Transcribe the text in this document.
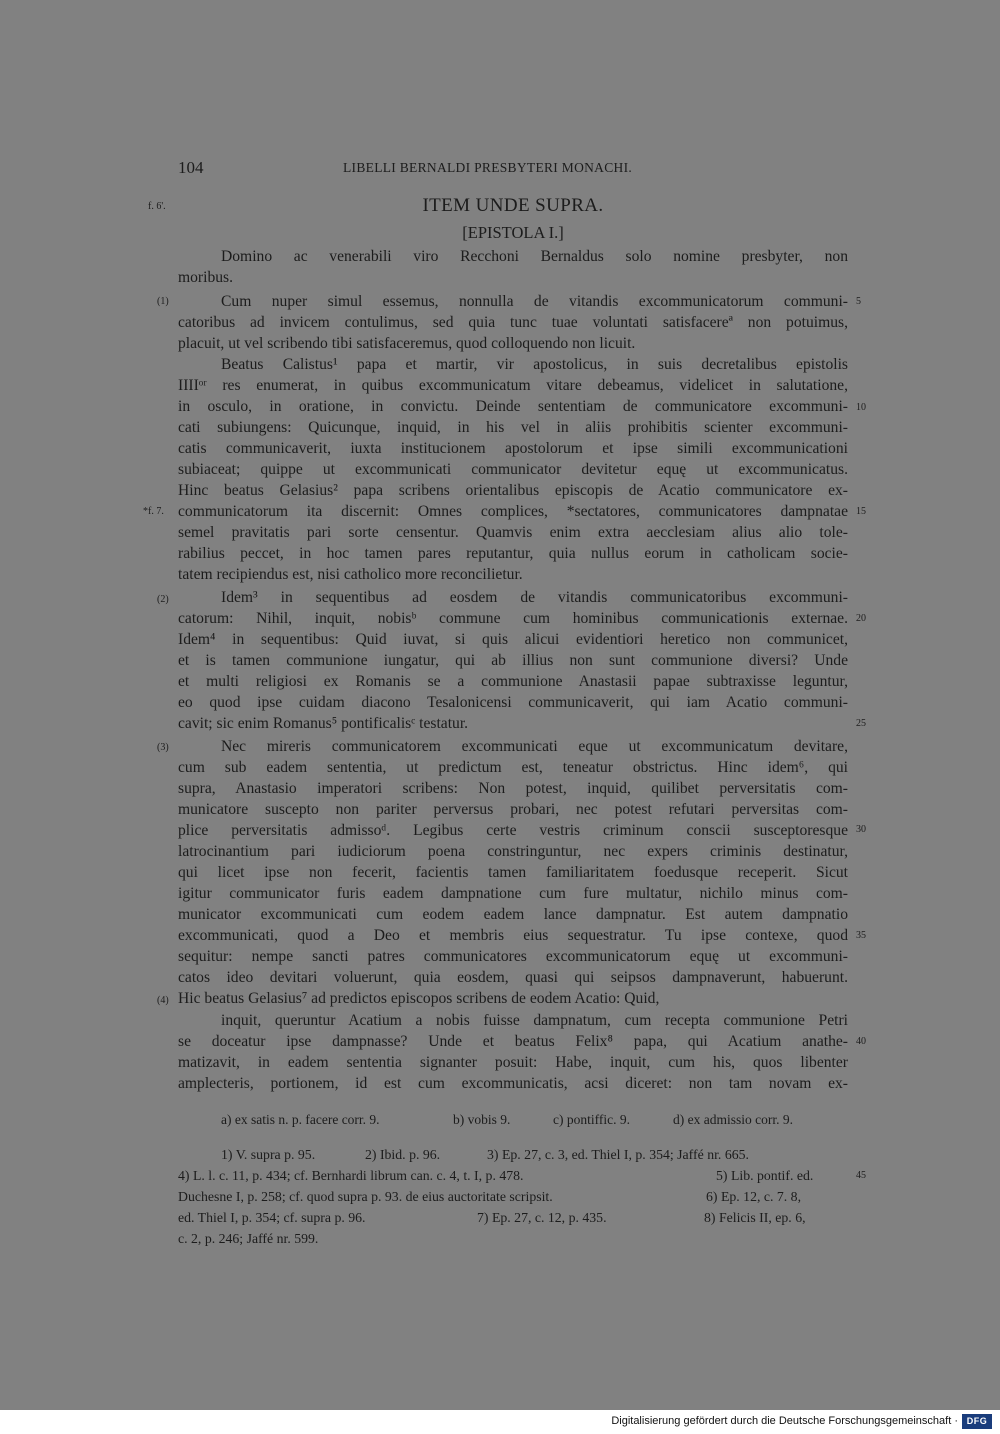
104	LIBELLI BERNALDI PRESBYTERI MONACHI.
ITEM UNDE SUPRA.
[EPISTOLA I.]
f. 6'.
(1)
*f. 7.
(2)
(3)
(4)
5
10
15
20
25
30
35
40
Domino ac venerabili viro Recchoni Bernaldus solo nomine presbyter, non
moribus.
Cum nuper simul essemus, nonnulla de vitandis excommunicatorum communi-
catoribus ad invicem contulimus, sed quia tunc tuae voluntati satisfacereª non potuimus,
placuit, ut vel scribendo tibi satisfaceremus, quod colloquendo non licuit.
Beatus Calistus¹ papa et martir, vir apostolicus, in suis decretalibus epistolis
IIIIᵒʳ res enumerat, in quibus excommunicatum vitare debeamus, videlicet in salutatione,
in osculo, in oratione, in convictu. Deinde sententiam de communicatore excommuni-
cati subiungens: Quicunque, inquid, in his vel in aliis prohibitis scienter excommuni-
catis communicaverit, iuxta institucionem apostolorum et ipse simili excommunicationi
subiaceat; quippe ut excommunicati communicator devitetur equę ut excommunicatus.
Hinc beatus Gelasius² papa scribens orientalibus episcopis de Acatio communicatore ex-
communicatorum ita discernit: Omnes complices, *sectatores, communicatores dampnatae
semel pravitatis pari sorte censentur. Quamvis enim extra aecclesiam alius alio tole-
rabilius peccet, in hoc tamen pares reputantur, quia nullus eorum in catholicam socie-
tatem recipiendus est, nisi catholico more reconcilietur.
Idem³ in sequentibus ad eosdem de vitandis communicatoribus excommuni-
catorum: Nihil, inquit, nobisᵇ commune cum hominibus communicationis externae.
Idem⁴ in sequentibus: Quid iuvat, si quis alicui evidentiori heretico non communicet,
et is tamen communione iungatur, qui ab illius non sunt communione diversi? Unde
et multi religiosi ex Romanis se a communione Anastasii papae subtraxisse leguntur,
eo quod ipse cuidam diacono Tesalonicensi communicaverit, qui iam Acatio communi-
cavit; sic enim Romanus⁵ pontificalisᶜ testatur.
Nec mireris communicatorem excommunicati eque ut excommunicatum devitare,
cum sub eadem sententia, ut predictum est, teneatur obstrictus. Hinc idem⁶, qui
supra, Anastasio imperatori scribens: Non potest, inquid, quilibet perversitatis com-
municatore suscepto non pariter perversus probari, nec potest refutari perversitas com-
plice perversitatis admissoᵈ. Legibus certe vestris criminum conscii susceptoresque
latrocinantium pari iudiciorum poena constringuntur, nec expers criminis destinatur,
qui licet ipse non fecerit, facientis tamen familiaritatem foedusque receperit. Sicut
igitur communicator furis eadem dampnatione cum fure multatur, nichilo minus com-
municator excommunicati cum eodem eadem lance dampnatur. Est autem dampnatio
excommunicati, quod a Deo et membris eius sequestratur. Tu ipse contexe, quod
sequitur: nempe sancti patres communicatores excommunicatorum equę ut excommuni-
catos ideo devitari voluerunt, quia eosdem, quasi qui seipsos dampnaverunt, habuerunt.
Hic beatus Gelasius⁷ ad predictos episcopos scribens de eodem Acatio: Quid,
inquit, queruntur Acatium a nobis fuisse dampnatum, cum recepta communione Petri
se doceatur ipse dampnasse? Unde et beatus Felix⁸ papa, qui Acatium anathe-
matizavit, in eadem sententia signanter posuit: Habe, inquit, cum his, quos libenter
amplecteris, portionem, id est cum excommunicatis, acsi diceret: non tam novam ex-
a) ex satis n. p. facere corr. 9.	b) vobis 9.	c) pontiffic. 9.	d) ex admissio corr. 9.
1) V. supra p. 95.	2) Ibid. p. 96.	3) Ep. 27, c. 3, ed. Thiel I, p. 354; Jaffé nr. 665.
4) L. l. c. 11, p. 434; cf. Bernhardi librum can. c. 4, t. I, p. 478.	5) Lib. pontif. ed.
Duchesne I, p. 258; cf. quod supra p. 93. de eius auctoritate scripsit.	6) Ep. 12, c. 7. 8,
ed. Thiel I, p. 354; cf. supra p. 96.	7) Ep. 27, c. 12, p. 435.	8) Felicis II, ep. 6,
c. 2, p. 246; Jaffé nr. 599.
45
Digitalisierung gefördert durch die Deutsche Forschungsgemeinschaft · DFG
